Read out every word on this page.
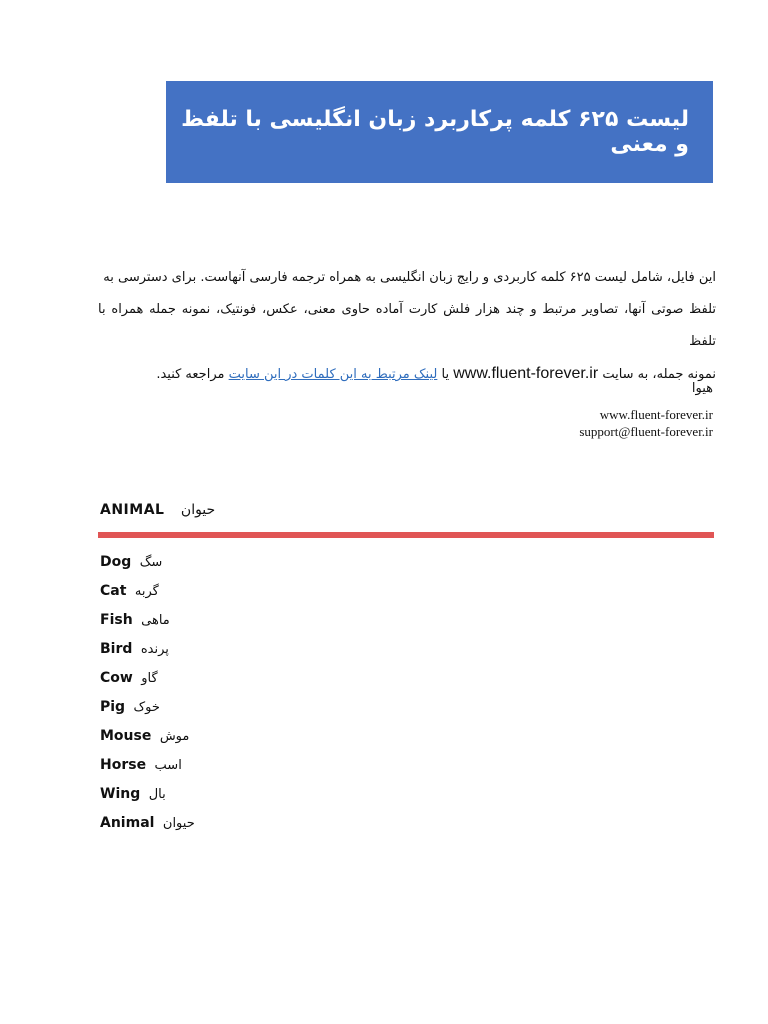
لیست ۶۲۵ کلمه پرکاربرد زبان انگلیسی با تلفظ و معنی

این فایل، شامل لیست ۶۲۵ کلمه کاربردی و رایج زبان انگلیسی به همراه ترجمه فارسی آنهاست. برای دسترسی به

تلفظ صوتی آنها، تصاویر مرتبط و چند هزار فلش کارت آماده حاوی معنی، عکس، فونتیک، نمونه جمله همراه با تلفظ

نمونه جمله، به سایت www.fluent-forever.ir یا لینک مرتبط به این کلمات در این سایت مراجعه کنید.

هیوا
www.fluent-forever.ir
support@fluent-forever.ir
ANIMAL حیوان
Dog سگ
Cat گربه
Fish ماهی
Bird پرنده
Cow گاو
Pig خوک
Mouse موش
Horse اسب
Wing بال
Animal حیوان
